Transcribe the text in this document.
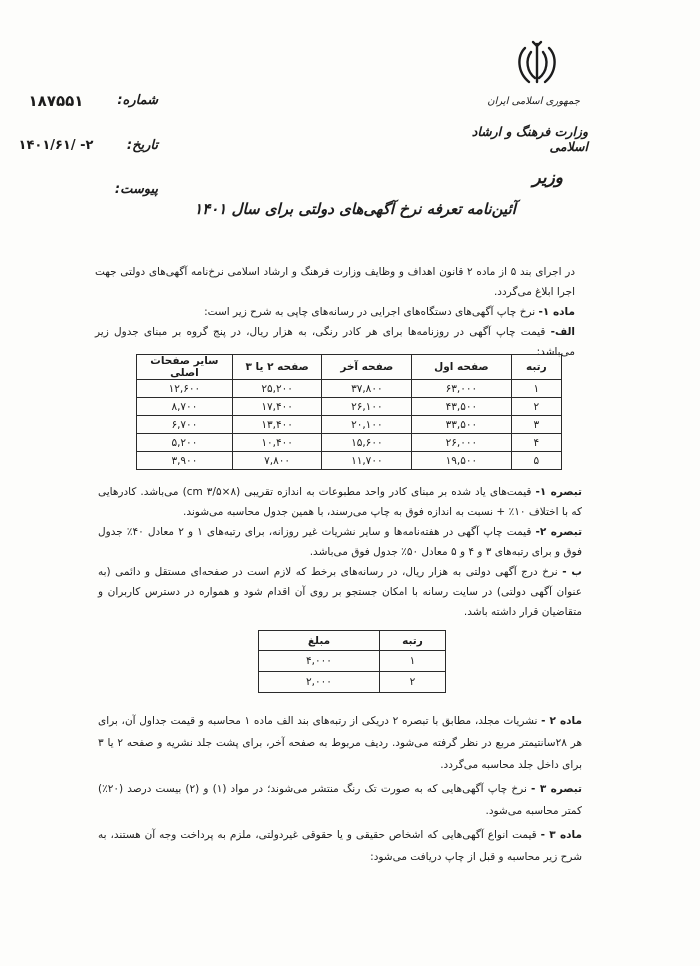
جمهوری اسلامی ایران
وزارت فرهنگ و ارشاد اسلامی
وزیر
۱۸۷۵۵۱	شماره:
۱۴۰۱/۶۱/ -۲	تاریخ:
پیوست:
آئین‌نامه تعرفه نرخ آگهی‌های دولتی برای سال ۱۴۰۱
در اجرای بند ۵ از ماده ۲ قانون اهداف و وظایف وزارت فرهنگ و ارشاد اسلامی نرخ‌نامه آگهی‌های دولتی جهت اجرا ابلاغ می‌گردد.
ماده ۱- نرخ چاپ آگهی‌های دستگاه‌های اجرایی در رسانه‌های چاپی به شرح زیر است:
الف- قیمت چاپ آگهی در روزنامه‌ها برای هر کادر رنگی، به هزار ریال، در پنج گروه بر مبنای جدول زیر می‌باشد:
رتبه	صفحه اول	صفحه آخر	صفحه ۲ یا ۳	سایر صفحات اصلی
۱	۶۳,۰۰۰	۳۷,۸۰۰	۲۵,۲۰۰	۱۲,۶۰۰
۲	۴۳,۵۰۰	۲۶,۱۰۰	۱۷,۴۰۰	۸,۷۰۰
۳	۳۳,۵۰۰	۲۰,۱۰۰	۱۳,۴۰۰	۶,۷۰۰
۴	۲۶,۰۰۰	۱۵,۶۰۰	۱۰,۴۰۰	۵,۲۰۰
۵	۱۹,۵۰۰	۱۱,۷۰۰	۷,۸۰۰	۳,۹۰۰
تبصره ۱- قیمت‌های یاد شده بر مبنای کادر واحد مطبوعات به اندازه تقریبی (۸×۳/۵ cm) می‌باشد. کادرهایی که با اختلاف ۱۰٪ + نسبت به اندازه فوق به چاپ می‌رسند، با همین جدول محاسبه می‌شوند.
تبصره ۲- قیمت چاپ آگهی در هفته‌نامه‌ها و سایر نشریات غیر روزانه، برای رتبه‌های ۱ و ۲ معادل ۴۰٪ جدول فوق و برای رتبه‌های ۳ و ۴ و ۵ معادل ۵۰٪ جدول فوق می‌باشد.
ب - نرخ درج آگهی دولتی به هزار ریال، در رسانه‌های برخط که لازم است در صفحه‌ای مستقل و دائمی (به عنوان آگهی دولتی) در سایت رسانه با امکان جستجو بر روی آن اقدام شود و همواره در دسترس کاربران و متقاضیان قرار داشته باشد.
رتبه	مبلغ
۱	۴,۰۰۰
۲	۲,۰۰۰
ماده ۲ - نشریات مجلد، مطابق با تبصره ۲ دریکی از رتبه‌های بند الف ماده ۱ محاسبه و قیمت جداول آن، برای هر ۲۸سانتیمتر مربع در نظر گرفته می‌شود. ردیف مربوط به صفحه آخر، برای پشت جلد نشریه و صفحه ۲ یا ۳ برای داخل جلد محاسبه می‌گردد.
تبصره ۳ - نرخ چاپ آگهی‌هایی که به صورت تک رنگ منتشر می‌شوند؛ در مواد (۱) و (۲) بیست درصد (۲۰٪) کمتر محاسبه می‌شود.
ماده ۳ - قیمت انواع آگهی‌هایی که اشخاص حقیقی و یا حقوقی غیردولتی، ملزم به پرداخت وجه آن هستند، به شرح زیر محاسبه و قبل از چاپ دریافت می‌شود:
